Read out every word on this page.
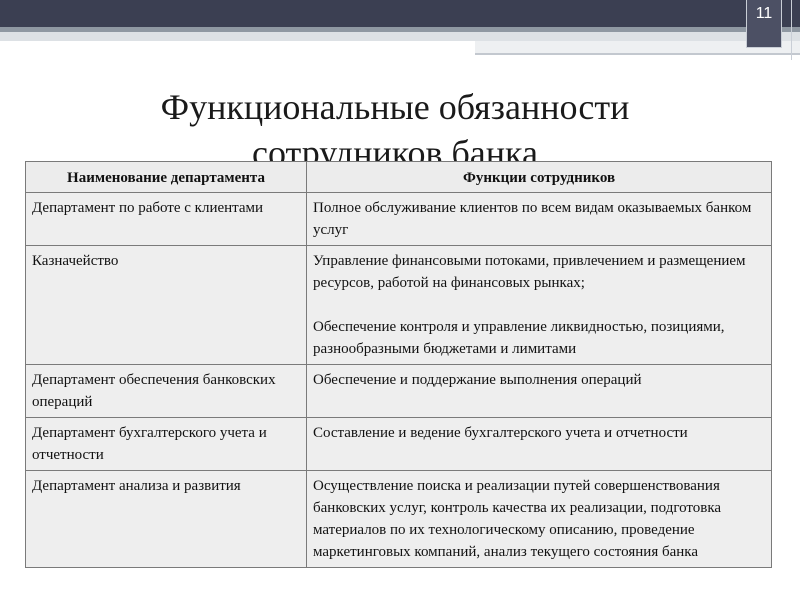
11
Функциональные обязанности
сотрудников банка
Наименование департамента	Функции сотрудников
Департамент по работе с клиентами	Полное обслуживание клиентов по всем видам оказываемых банком услуг

Казначейство	Управление финансовыми потоками, привлечением и размещением ресурсов, работой на финансовых рынках;
Обеспечение контроля и управление ликвидностью, позициями, разнообразными бюджетами и лимитами

Департамент обеспечения банковских операций	Обеспечение и поддержание выполнения операций

Департамент бухгалтерского учета и отчетности	Составление и ведение бухгалтерского учета и отчетности

Департамент анализа и развития	Осуществление поиска и реализации путей совершенствования банковских услуг, контроль качества их реализации, подготовка материалов по их технологическому описанию, проведение маркетинговых компаний, анализ текущего состояния банка
